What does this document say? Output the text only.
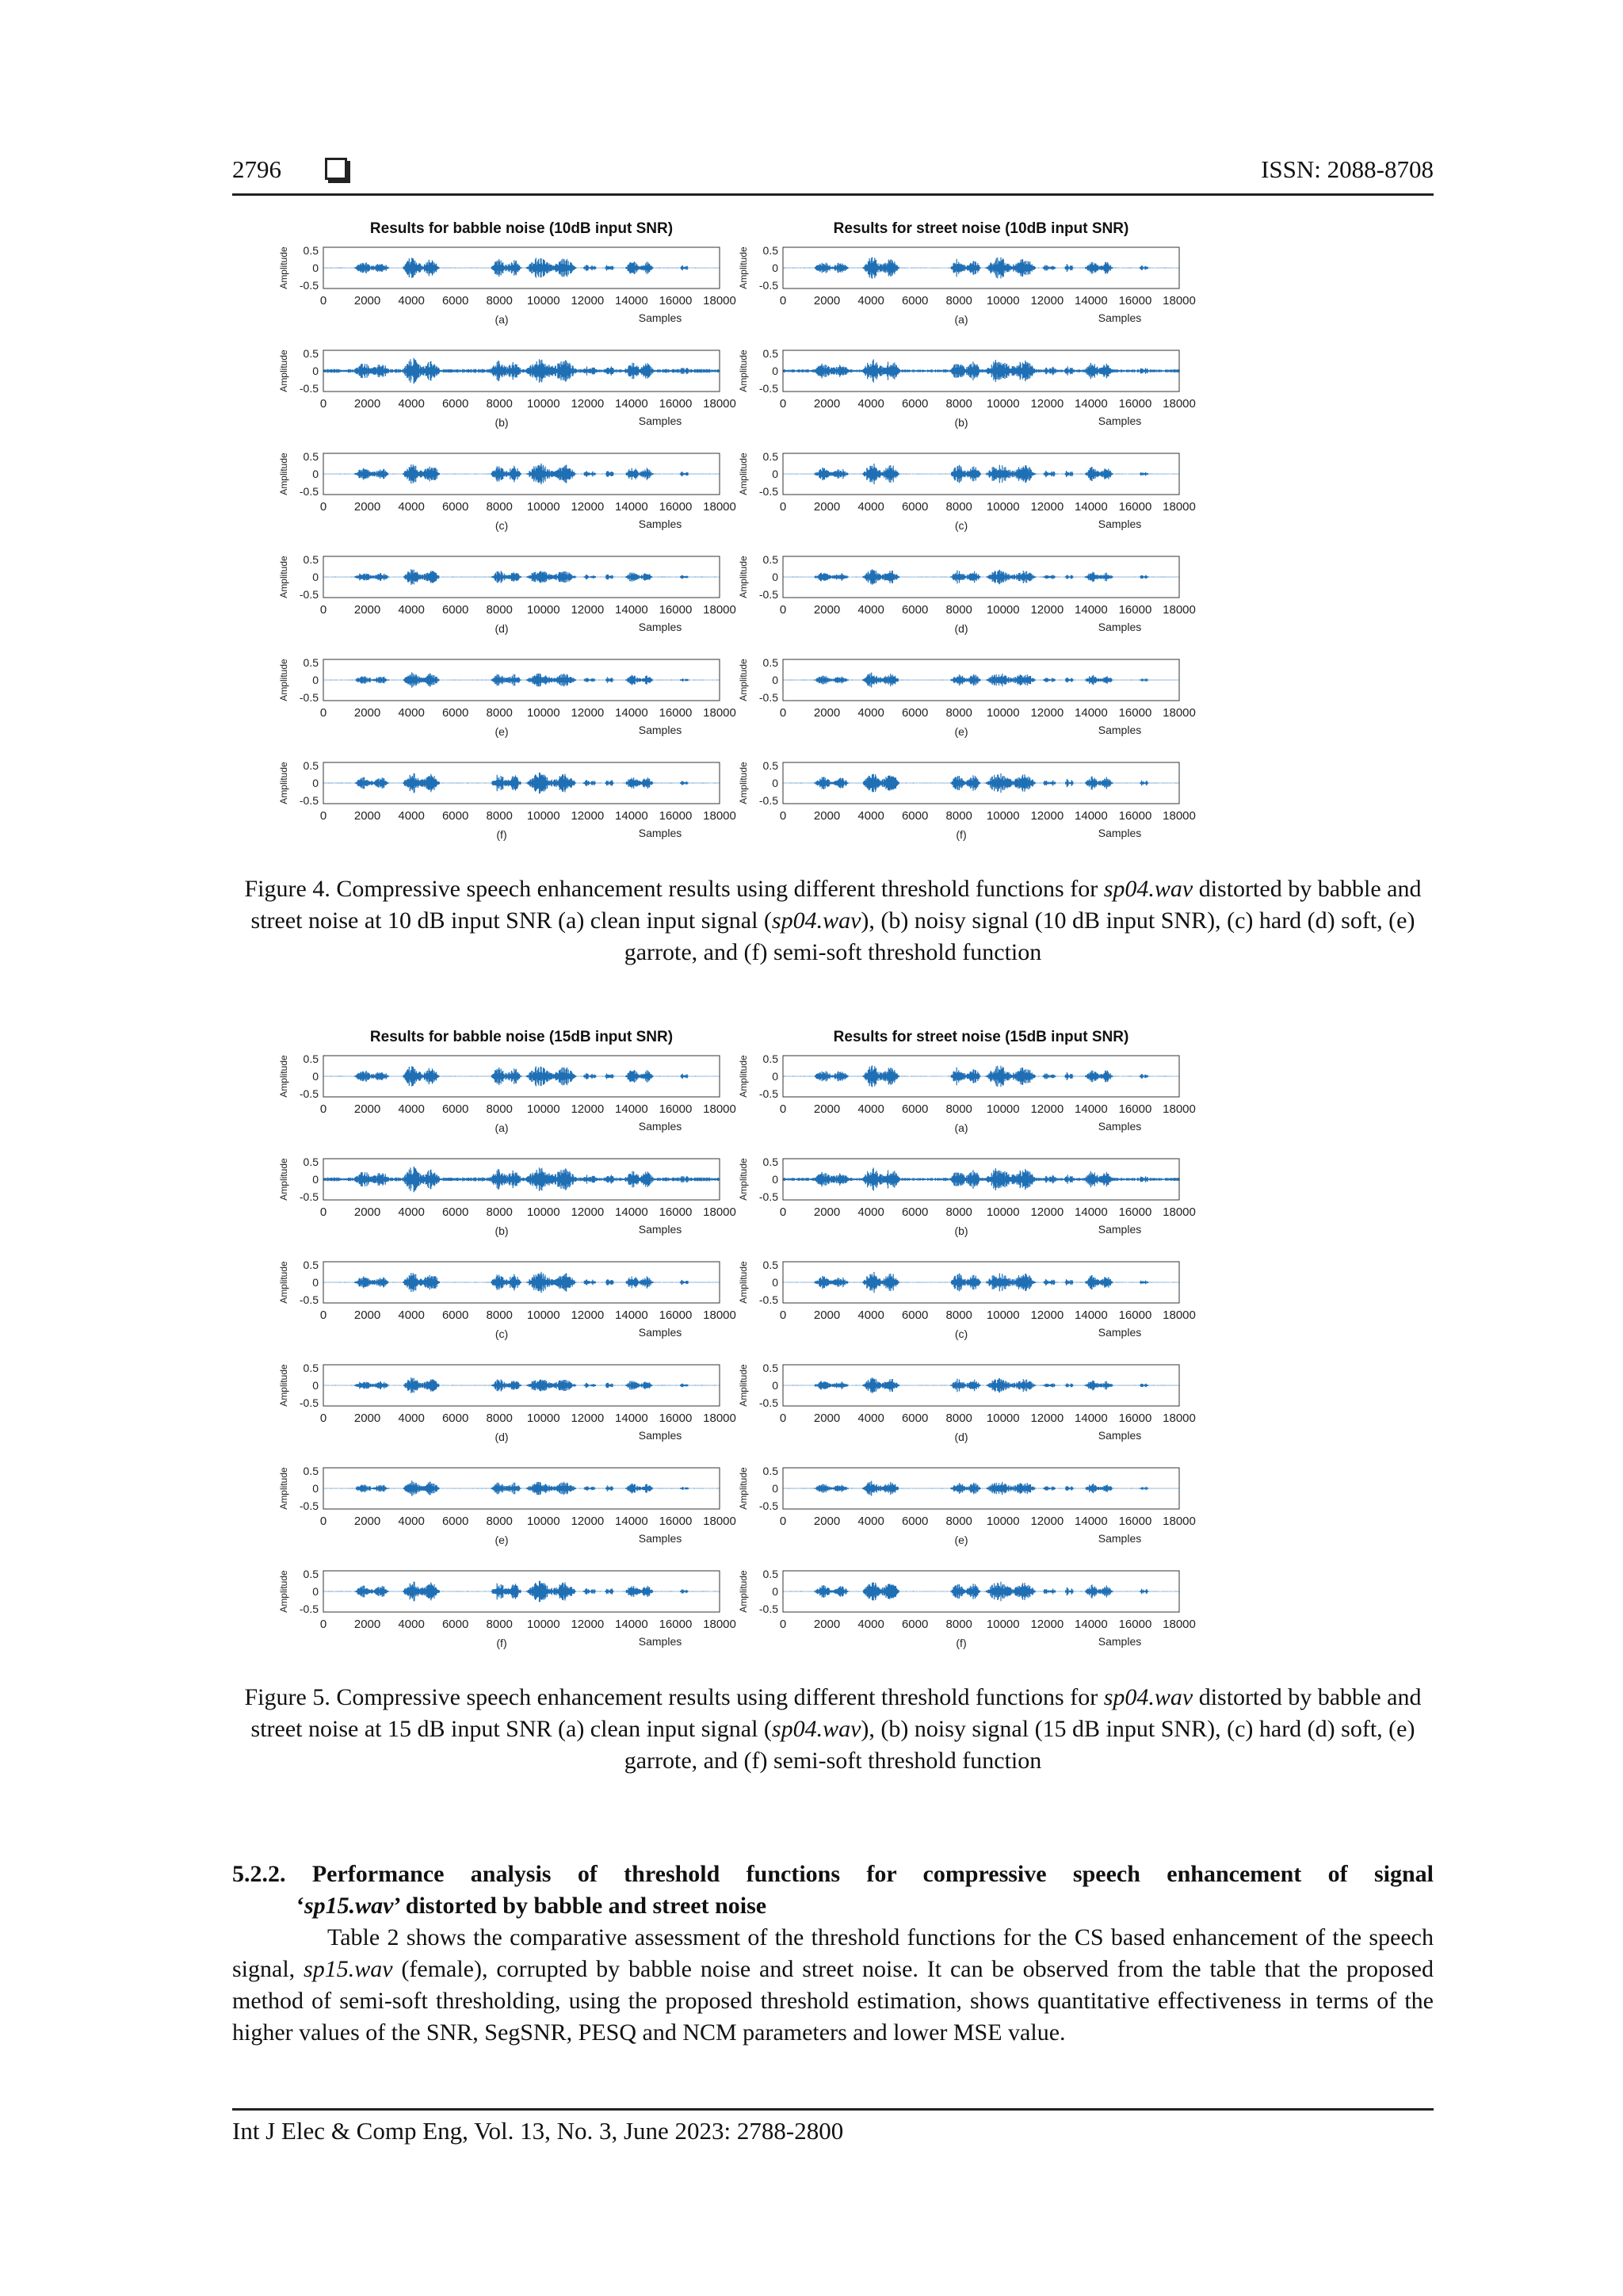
2796	ISSN: 2088-8708
Results for babble noise (10dB input SNR)
0.5
0
-0.5
Amplitude
0 2000 4000 6000 8000 10000 12000 14000 16000 18000
(a)	Samples
0.5
0
-0.5
Amplitude
0 2000 4000 6000 8000 10000 12000 14000 16000 18000
(b)	Samples
0.5
0
-0.5
Amplitude
0 2000 4000 6000 8000 10000 12000 14000 16000 18000
(c)	Samples
0.5
0
-0.5
Amplitude
0 2000 4000 6000 8000 10000 12000 14000 16000 18000
(d)	Samples
0.5
0
-0.5
Amplitude
0 2000 4000 6000 8000 10000 12000 14000 16000 18000
(e)	Samples
0.5
0
-0.5
Amplitude
0 2000 4000 6000 8000 10000 12000 14000 16000 18000
(f)	Samples
Results for street noise (10dB input SNR)
0.5
0
-0.5
Amplitude
0 2000 4000 6000 8000 10000 12000 14000 16000 18000
(a)	Samples
0.5
0
-0.5
Amplitude
0 2000 4000 6000 8000 10000 12000 14000 16000 18000
(b)	Samples
0.5
0
-0.5
Amplitude
0 2000 4000 6000 8000 10000 12000 14000 16000 18000
(c)	Samples
0.5
0
-0.5
Amplitude
0 2000 4000 6000 8000 10000 12000 14000 16000 18000
(d)	Samples
0.5
0
-0.5
Amplitude
0 2000 4000 6000 8000 10000 12000 14000 16000 18000
(e)	Samples
0.5
0
-0.5
Amplitude
0 2000 4000 6000 8000 10000 12000 14000 16000 18000
(f)	Samples
Figure 4. Compressive speech enhancement results using different threshold functions for sp04.wav distorted by babble and street noise at 10 dB input SNR (a) clean input signal (sp04.wav), (b) noisy signal (10 dB input SNR), (c) hard (d) soft, (e) garrote, and (f) semi-soft threshold function
Results for babble noise (15dB input SNR)
0.5
0
-0.5
Amplitude
0 2000 4000 6000 8000 10000 12000 14000 16000 18000
(a)	Samples
0.5
0
-0.5
Amplitude
0 2000 4000 6000 8000 10000 12000 14000 16000 18000
(b)	Samples
0.5
0
-0.5
Amplitude
0 2000 4000 6000 8000 10000 12000 14000 16000 18000
(c)	Samples
0.5
0
-0.5
Amplitude
0 2000 4000 6000 8000 10000 12000 14000 16000 18000
(d)	Samples
0.5
0
-0.5
Amplitude
0 2000 4000 6000 8000 10000 12000 14000 16000 18000
(e)	Samples
0.5
0
-0.5
Amplitude
0 2000 4000 6000 8000 10000 12000 14000 16000 18000
(f)	Samples
Results for street noise (15dB input SNR)
0.5
0
-0.5
Amplitude
0 2000 4000 6000 8000 10000 12000 14000 16000 18000
(a)	Samples
0.5
0
-0.5
Amplitude
0 2000 4000 6000 8000 10000 12000 14000 16000 18000
(b)	Samples
0.5
0
-0.5
Amplitude
0 2000 4000 6000 8000 10000 12000 14000 16000 18000
(c)	Samples
0.5
0
-0.5
Amplitude
0 2000 4000 6000 8000 10000 12000 14000 16000 18000
(d)	Samples
0.5
0
-0.5
Amplitude
0 2000 4000 6000 8000 10000 12000 14000 16000 18000
(e)	Samples
0.5
0
-0.5
Amplitude
0 2000 4000 6000 8000 10000 12000 14000 16000 18000
(f)	Samples
Figure 5. Compressive speech enhancement results using different threshold functions for sp04.wav distorted by babble and street noise at 15 dB input SNR (a) clean input signal (sp04.wav), (b) noisy signal (15 dB input SNR), (c) hard (d) soft, (e) garrote, and (f) semi-soft threshold function
5.2.2. Performance analysis of threshold functions for compressive speech enhancement of signal
‘sp15.wav’ distorted by babble and street noise
Table 2 shows the comparative assessment of the threshold functions for the CS based enhancement of the speech signal, sp15.wav (female), corrupted by babble noise and street noise. It can be observed from the table that the proposed method of semi-soft thresholding, using the proposed threshold estimation, shows quantitative effectiveness in terms of the higher values of the SNR, SegSNR, PESQ and NCM parameters and lower MSE value.
Int J Elec & Comp Eng, Vol. 13, No. 3, June 2023: 2788-2800
